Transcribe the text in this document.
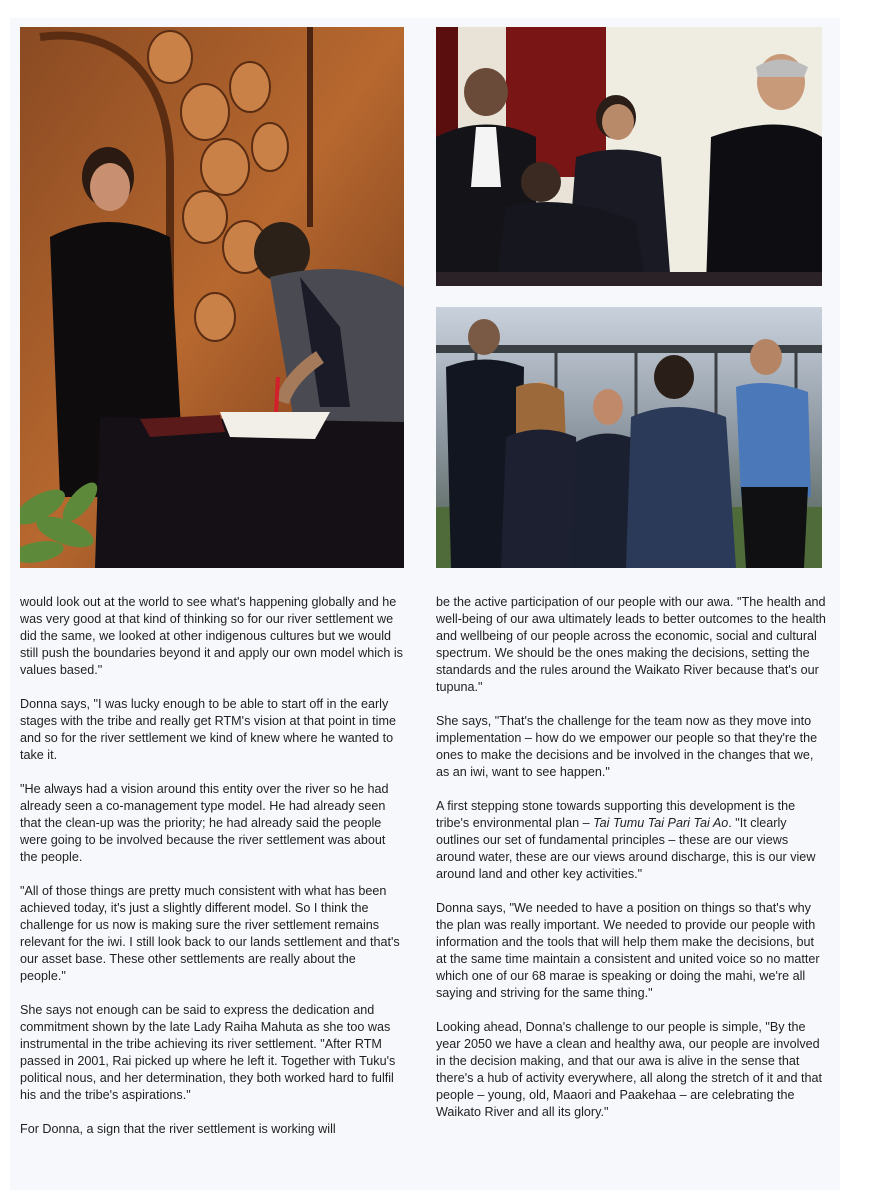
would look out at the world to see what's happening globally and he was very good at that kind of thinking so for our river settlement we did the same, we looked at other indigenous cultures but we would still push the boundaries beyond it and apply our own model which is values based."

Donna says, "I was lucky enough to be able to start off in the early stages with the tribe and really get RTM's vision at that point in time and so for the river settlement we kind of knew where he wanted to take it.

"He always had a vision around this entity over the river so he had already seen a co-management type model. He had already seen that the clean-up was the priority; he had already said the people were going to be involved because the river settlement was about the people.

"All of those things are pretty much consistent with what has been achieved today, it's just a slightly different model. So I think the challenge for us now is making sure the river settlement remains relevant for the iwi. I still look back to our lands settlement and that's our asset base. These other settlements are really about the people."

She says not enough can be said to express the dedication and commitment shown by the late Lady Raiha Mahuta as she too was instrumental in the tribe achieving its river settlement. "After RTM passed in 2001, Rai picked up where he left it. Together with Tuku's political nous, and her determination, they both worked hard to fulfil his and the tribe's aspirations."

For Donna, a sign that the river settlement is working will

be the active participation of our people with our awa. "The health and well-being of our awa ultimately leads to better outcomes to the health and wellbeing of our people across the economic, social and cultural spectrum. We should be the ones making the decisions, setting the standards and the rules around the Waikato River because that's our tupuna."

She says, "That's the challenge for the team now as they move into implementation – how do we empower our people so that they're the ones to make the decisions and be involved in the changes that we, as an iwi, want to see happen."

A first stepping stone towards supporting this development is the tribe's environmental plan – Tai Tumu Tai Pari Tai Ao. "It clearly outlines our set of fundamental principles – these are our views around water, these are our views around discharge, this is our view around land and other key activities."

Donna says, "We needed to have a position on things so that's why the plan was really important. We needed to provide our people with information and the tools that will help them make the decisions, but at the same time maintain a consistent and united voice so no matter which one of our 68 marae is speaking or doing the mahi, we're all saying and striving for the same thing."

Looking ahead, Donna's challenge to our people is simple, "By the year 2050 we have a clean and healthy awa, our people are involved in the decision making, and that our awa is alive in the sense that there's a hub of activity everywhere, all along the stretch of it and that people – young, old, Maaori and Paakehaa – are celebrating the Waikato River and all its glory."
